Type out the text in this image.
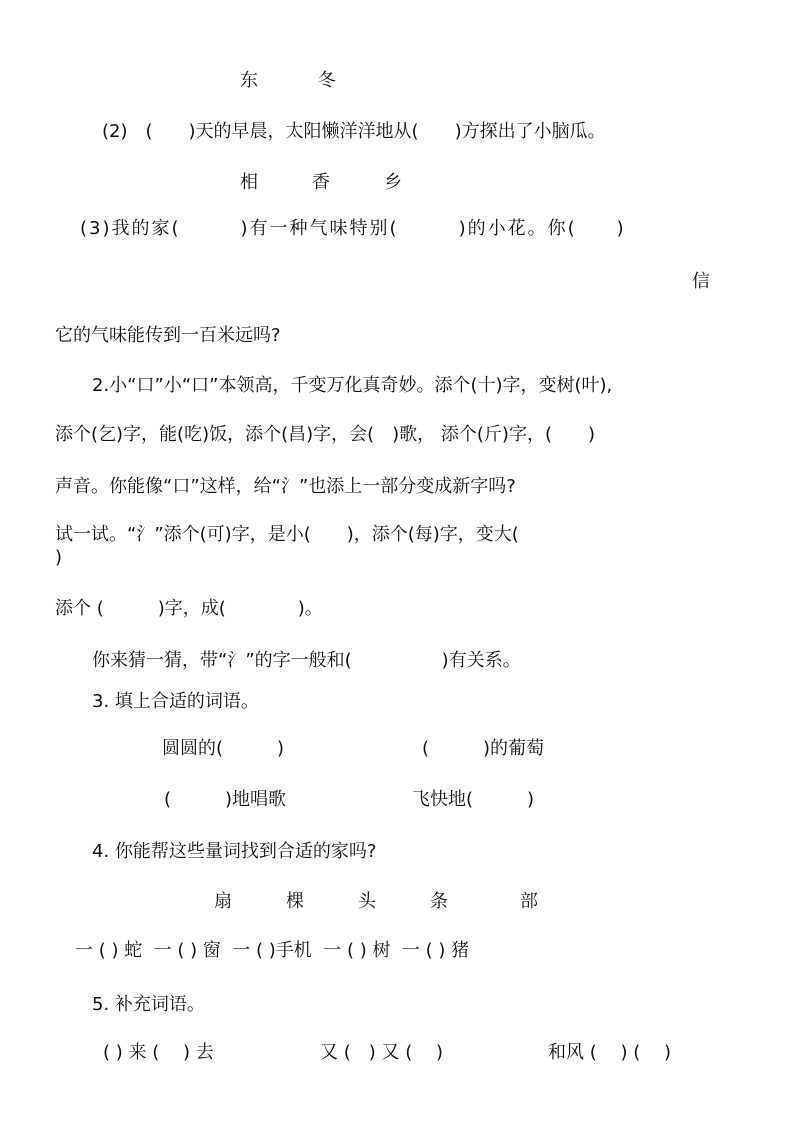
东 　　　冬
(2)　(　　)天的早晨，太阳懒洋洋地从(　　)方探出了小脑瓜。
相　　　香　　　乡
(3)我的家(　　　)有一种气味特别(　　　)的小花。你(　　)
信
它的气味能传到一百米远吗?
2.小“口”小“口”本领高，千变万化真奇妙。添个(十)字，变树(叶),
添个(乞)字，能(吃)饭，添个(昌)字，会(　)歌， 添个(斤)字，(　　)
声音。你能像“口”这样，给“氵”也添上一部分变成新字吗?
试一试。“氵”添个(可)字，是小(　　)，添个(每)字，变大(
)
添个 (　　　)字，成(　　　　)。
你来猜一猜，带“氵”的字一般和(　　　　　)有关系。
3. 填上合适的词语。
圆圆的(　　　)	(　　　)的葡萄
(　　　)地唱歌	飞快地(　　　)
4. 你能帮这些量词找到合适的家吗?
扇　　　棵　　　头　　　条　　　　部
一 ( ) 蛇  一 ( ) 窗  一 ( )手机  一 ( ) 树  一 ( ) 猪
5. 补充词语。
( ) 来 (　 ) 去	又 (　) 又 (　 )	和风 (　 ) (　 )
